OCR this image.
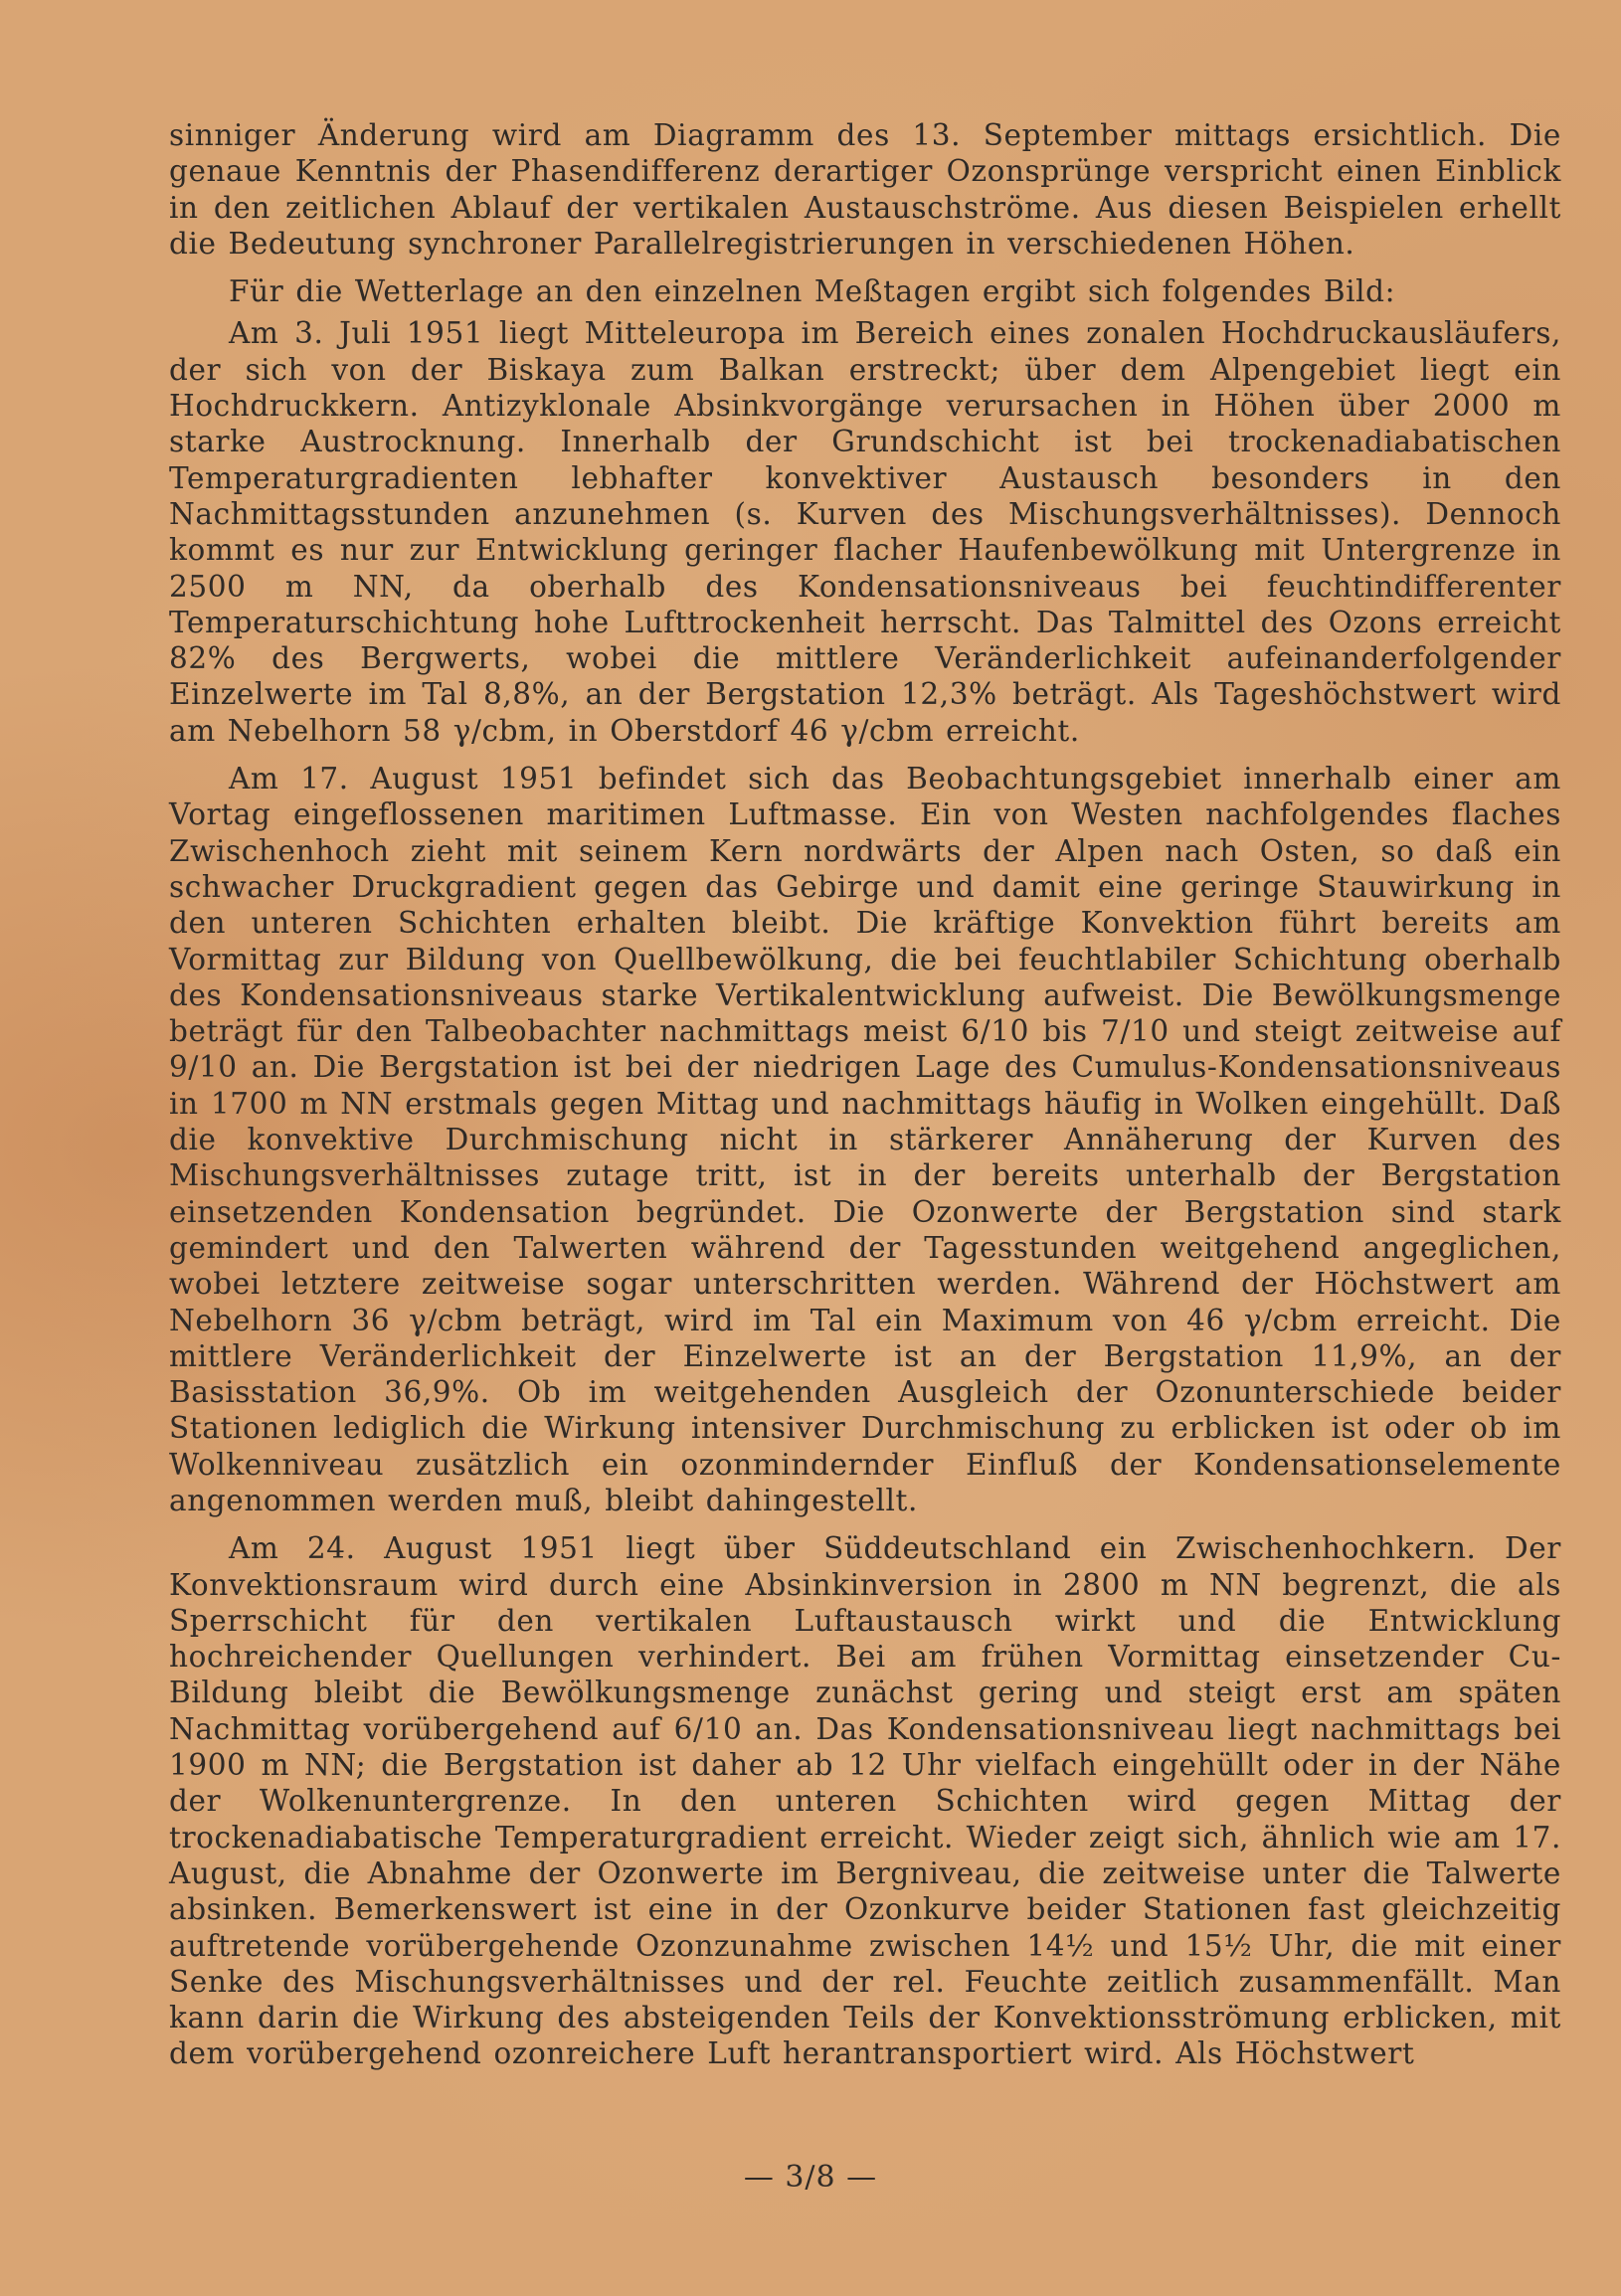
sinniger Änderung wird am Diagramm des 13. September mittags ersichtlich. Die genaue Kenntnis der Phasendifferenz derartiger Ozonsprünge verspricht einen Einblick in den zeitlichen Ablauf der vertikalen Austauschströme. Aus diesen Beispielen erhellt die Bedeutung synchroner Parallelregistrierungen in verschiedenen Höhen.

Für die Wetterlage an den einzelnen Meßtagen ergibt sich folgendes Bild:

Am 3. Juli 1951 liegt Mitteleuropa im Bereich eines zonalen Hochdruckausläufers, der sich von der Biskaya zum Balkan erstreckt; über dem Alpengebiet liegt ein Hochdruckkern. Antizyklonale Absinkvorgänge verursachen in Höhen über 2000 m starke Austrocknung. Innerhalb der Grundschicht ist bei trockenadiabatischen Temperaturgradienten lebhafter konvektiver Austausch besonders in den Nachmittagsstunden anzunehmen (s. Kurven des Mischungsverhältnisses). Dennoch kommt es nur zur Entwicklung geringer flacher Haufenbewölkung mit Untergrenze in 2500 m NN, da oberhalb des Kondensationsniveaus bei feuchtindifferenter Temperaturschichtung hohe Lufttrockenheit herrscht. Das Talmittel des Ozons erreicht 82% des Bergwerts, wobei die mittlere Veränderlichkeit aufeinanderfolgender Einzelwerte im Tal 8,8%, an der Bergstation 12,3% beträgt. Als Tageshöchstwert wird am Nebelhorn 58 γ/cbm, in Oberstdorf 46 γ/cbm erreicht.

Am 17. August 1951 befindet sich das Beobachtungsgebiet innerhalb einer am Vortag eingeflossenen maritimen Luftmasse. Ein von Westen nachfolgendes flaches Zwischenhoch zieht mit seinem Kern nordwärts der Alpen nach Osten, so daß ein schwacher Druckgradient gegen das Gebirge und damit eine geringe Stauwirkung in den unteren Schichten erhalten bleibt. Die kräftige Konvektion führt bereits am Vormittag zur Bildung von Quellbewölkung, die bei feuchtlabiler Schichtung oberhalb des Kondensationsniveaus starke Vertikalentwicklung aufweist. Die Bewölkungsmenge beträgt für den Talbeobachter nachmittags meist 6/10 bis 7/10 und steigt zeitweise auf 9/10 an. Die Bergstation ist bei der niedrigen Lage des Cumulus-Kondensationsniveaus in 1700 m NN erstmals gegen Mittag und nachmittags häufig in Wolken eingehüllt. Daß die konvektive Durchmischung nicht in stärkerer Annäherung der Kurven des Mischungsverhältnisses zutage tritt, ist in der bereits unterhalb der Bergstation einsetzenden Kondensation begründet. Die Ozonwerte der Bergstation sind stark gemindert und den Talwerten während der Tagesstunden weitgehend angeglichen, wobei letztere zeitweise sogar unterschritten werden. Während der Höchstwert am Nebelhorn 36 γ/cbm beträgt, wird im Tal ein Maximum von 46 γ/cbm erreicht. Die mittlere Veränderlichkeit der Einzelwerte ist an der Bergstation 11,9%, an der Basisstation 36,9%. Ob im weitgehenden Ausgleich der Ozonunterschiede beider Stationen lediglich die Wirkung intensiver Durchmischung zu erblicken ist oder ob im Wolkenniveau zusätzlich ein ozonmindernder Einfluß der Kondensationselemente angenommen werden muß, bleibt dahingestellt.

Am 24. August 1951 liegt über Süddeutschland ein Zwischenhochkern. Der Konvektionsraum wird durch eine Absinkinversion in 2800 m NN begrenzt, die als Sperrschicht für den vertikalen Luftaustausch wirkt und die Entwicklung hochreichender Quellungen verhindert. Bei am frühen Vormittag einsetzender Cu-Bildung bleibt die Bewölkungsmenge zunächst gering und steigt erst am späten Nachmittag vorübergehend auf 6/10 an. Das Kondensationsniveau liegt nachmittags bei 1900 m NN; die Bergstation ist daher ab 12 Uhr vielfach eingehüllt oder in der Nähe der Wolkenuntergrenze. In den unteren Schichten wird gegen Mittag der trockenadiabatische Temperaturgradient erreicht. Wieder zeigt sich, ähnlich wie am 17. August, die Abnahme der Ozonwerte im Bergniveau, die zeitweise unter die Talwerte absinken. Bemerkenswert ist eine in der Ozonkurve beider Stationen fast gleichzeitig auftretende vorübergehende Ozonzunahme zwischen 14½ und 15½ Uhr, die mit einer Senke des Mischungsverhältnisses und der rel. Feuchte zeitlich zusammenfällt. Man kann darin die Wirkung des absteigenden Teils der Konvektionsströmung erblicken, mit dem vorübergehend ozonreichere Luft herantransportiert wird. Als Höchstwert

— 3/8 —
